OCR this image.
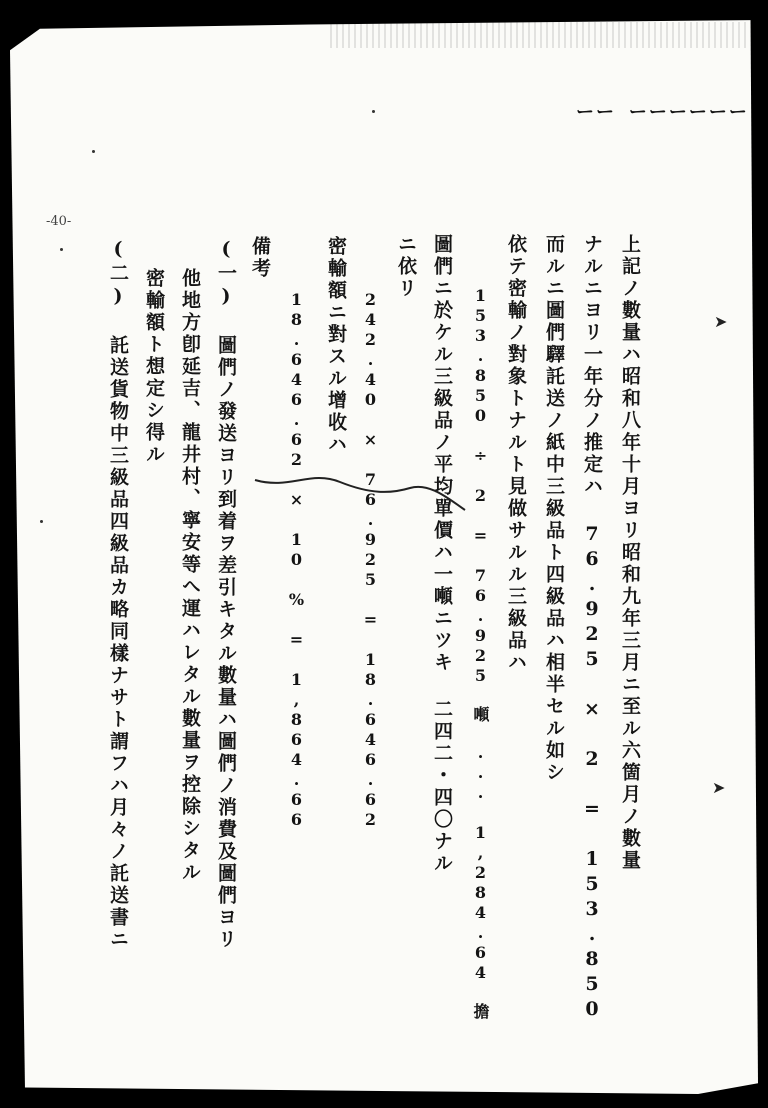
ーー ーーーーーー
-40-
上記ノ數量ハ昭和八年十月ヨリ昭和九年三月ニ至ル六箇月ノ數量
ナルニヨリ一年分ノ推定ハ 76.925 × 2 = 153.850
而ルニ圖們驛託送ノ紙中三級品ト四級品ハ相半セル如シ
依テ密輸ノ對象トナルト見做サルル三級品ハ
153.850 ÷ 2 = 76.925 噸 ... 1,284.64 擔
圖們ニ於ケル三級品ノ平均單價ハ一噸ニツキ 二四二・四〇ナル
ニ依リ
242.40 × 76.925 = 18.646.62
密輸額ニ對スル增收ハ
18.646.62 × 10 % = 1,864.66
備考
(一) 圖們ノ發送ヨリ到着ヲ差引キタル數量ハ圖們ノ消費及圖們ヨリ
他地方卽延吉、龍井村、寧安等へ運ハレタル數量ヲ控除シタル
密輸額ト想定シ得ル
(二) 託送貨物中三級品四級品カ略同樣ナサト謂フハ月々ノ託送書ニ	➤
➤
